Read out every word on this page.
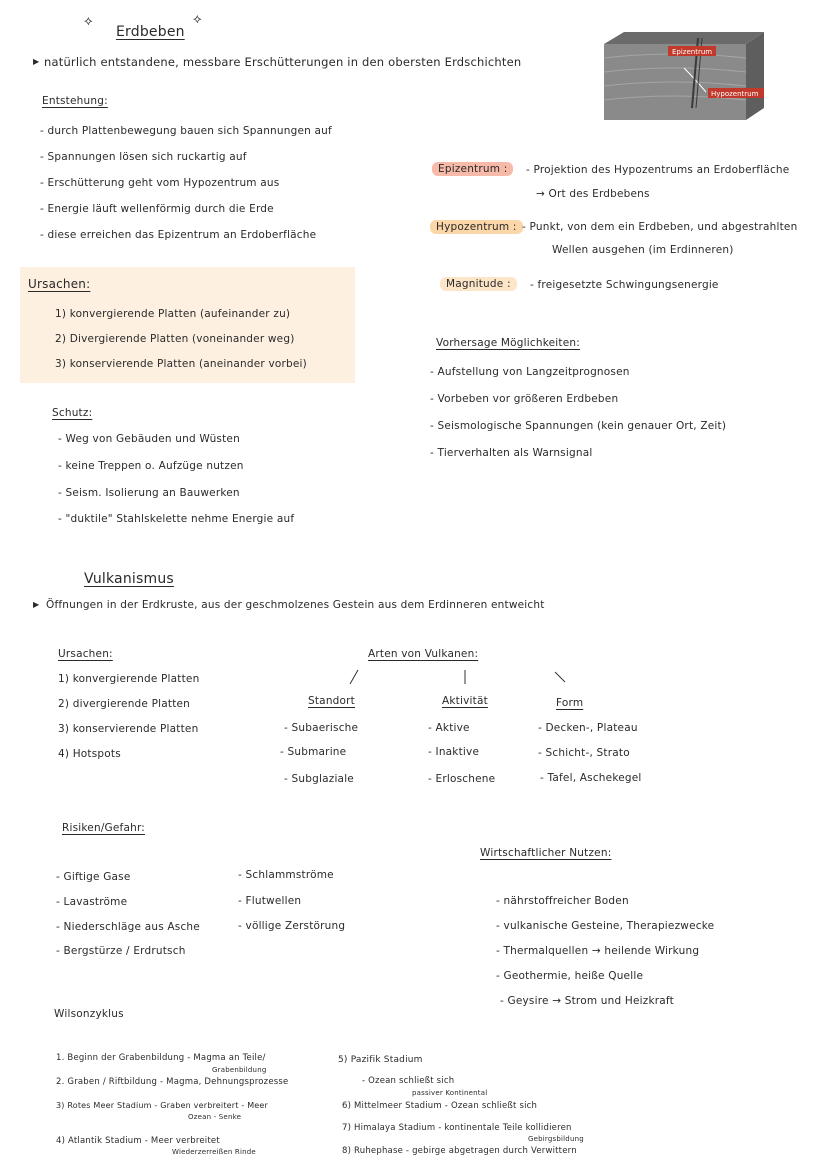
⟡
Erdbeben
⟡
▶ natürlich entstandene, messbare Erschütterungen in den obersten Erdschichten
Epizentrum
Hypozentrum
Entstehung:
- durch Plattenbewegung bauen sich Spannungen auf
- Spannungen lösen sich ruckartig auf
- Erschütterung geht vom Hypozentrum aus
- Energie läuft wellenförmig durch die Erde
- diese erreichen das Epizentrum an Erdoberfläche
Epizentrum :	- Projektion des Hypozentrums an Erdoberfläche
→ Ort des Erdbebens
Hypozentrum : - Punkt, von dem ein Erdbeben, und abgestrahlten
Wellen ausgehen (im Erdinneren)
Magnitude :	- freigesetzte Schwingungsenergie
Ursachen:
1) konvergierende Platten (aufeinander zu)
2) Divergierende Platten (voneinander weg)
3) konservierende Platten (aneinander vorbei)
Vorhersage Möglichkeiten:
- Aufstellung von Langzeitprognosen
- Vorbeben vor größeren Erdbeben
- Seismologische Spannungen (kein genauer Ort, Zeit)
- Tierverhalten als Warnsignal
Schutz:
- Weg von Gebäuden und Wüsten
- keine Treppen o. Aufzüge nutzen
- Seism. Isolierung an Bauwerken
- "duktile" Stahlskelette nehme Energie auf
Vulkanismus
▶ Öffnungen in der Erdkruste, aus der geschmolzenes Gestein aus dem Erdinneren entweicht
Ursachen:
1) konvergierende Platten
2) divergierende Platten
3) konservierende Platten
4) Hotspots
Arten von Vulkanen:
Standort
- Subaerische
- Submarine
- Subglaziale
Aktivität
- Aktive
- Inaktive
- Erloschene
Form
- Decken-, Plateau
- Schicht-, Strato
- Tafel, Aschekegel
Risiken/Gefahr:
- Giftige Gase
- Lavaströme
- Niederschläge aus Asche
- Bergstürze / Erdrutsch
- Schlammströme
- Flutwellen
- völlige Zerstörung
Wirtschaftlicher Nutzen:
- nährstoffreicher Boden
- vulkanische Gesteine, Therapiezwecke
- Thermalquellen → heilende Wirkung
- Geothermie, heiße Quelle
- Geysire → Strom und Heizkraft
Wilsonzyklus
1. Beginn der Grabenbildung - Magma an Teile/
Grabenbildung
2. Graben / Riftbildung - Magma, Dehnungsprozesse
3) Rotes Meer Stadium - Graben verbreitert - Meer
Ozean - Senke
4) Atlantik Stadium - Meer verbreitet
Wiederzerreißen Rinde
5) Pazifik Stadium
- Ozean schließt sich
passiver Kontinental
6) Mittelmeer Stadium - Ozean schließt sich
7) Himalaya Stadium - kontinentale Teile kollidieren
Gebirgsbildung
8) Ruhephase - gebirge abgetragen durch Verwittern
